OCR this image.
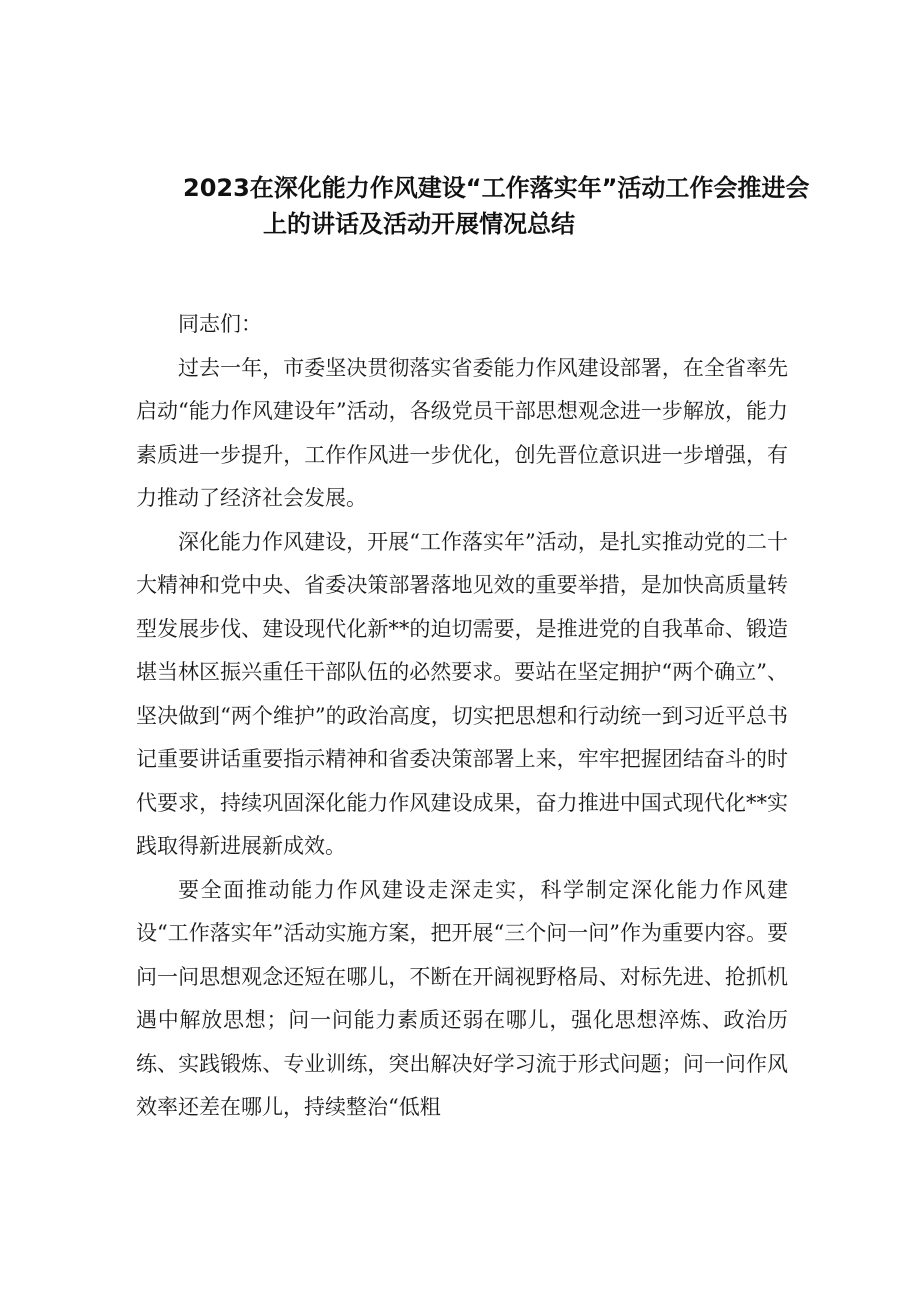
2023在深化能力作风建设“工作落实年”活动工作会推进会
上的讲话及活动开展情况总结

同志们：

过去一年，市委坚决贯彻落实省委能力作风建设部署，在全省率先启动“能力作风建设年”活动，各级党员干部思想观念进一步解放，能力素质进一步提升，工作作风进一步优化，创先晋位意识进一步增强，有力推动了经济社会发展。

深化能力作风建设，开展“工作落实年”活动，是扎实推动党的二十大精神和党中央、省委决策部署落地见效的重要举措，是加快高质量转型发展步伐、建设现代化新**的迫切需要，是推进党的自我革命、锻造堪当林区振兴重任干部队伍的必然要求。要站在坚定拥护“两个确立”、坚决做到“两个维护”的政治高度，切实把思想和行动统一到习近平总书记重要讲话重要指示精神和省委决策部署上来，牢牢把握团结奋斗的时代要求，持续巩固深化能力作风建设成果，奋力推进中国式现代化**实践取得新进展新成效。

要全面推动能力作风建设走深走实，科学制定深化能力作风建设“工作落实年”活动实施方案，把开展“三个问一问”作为重要内容。要问一问思想观念还短在哪儿，不断在开阔视野格局、对标先进、抢抓机遇中解放思想；问一问能力素质还弱在哪儿，强化思想淬炼、政治历练、实践锻炼、专业训练，突出解决好学习流于形式问题；问一问作风效率还差在哪儿，持续整治“低粗
